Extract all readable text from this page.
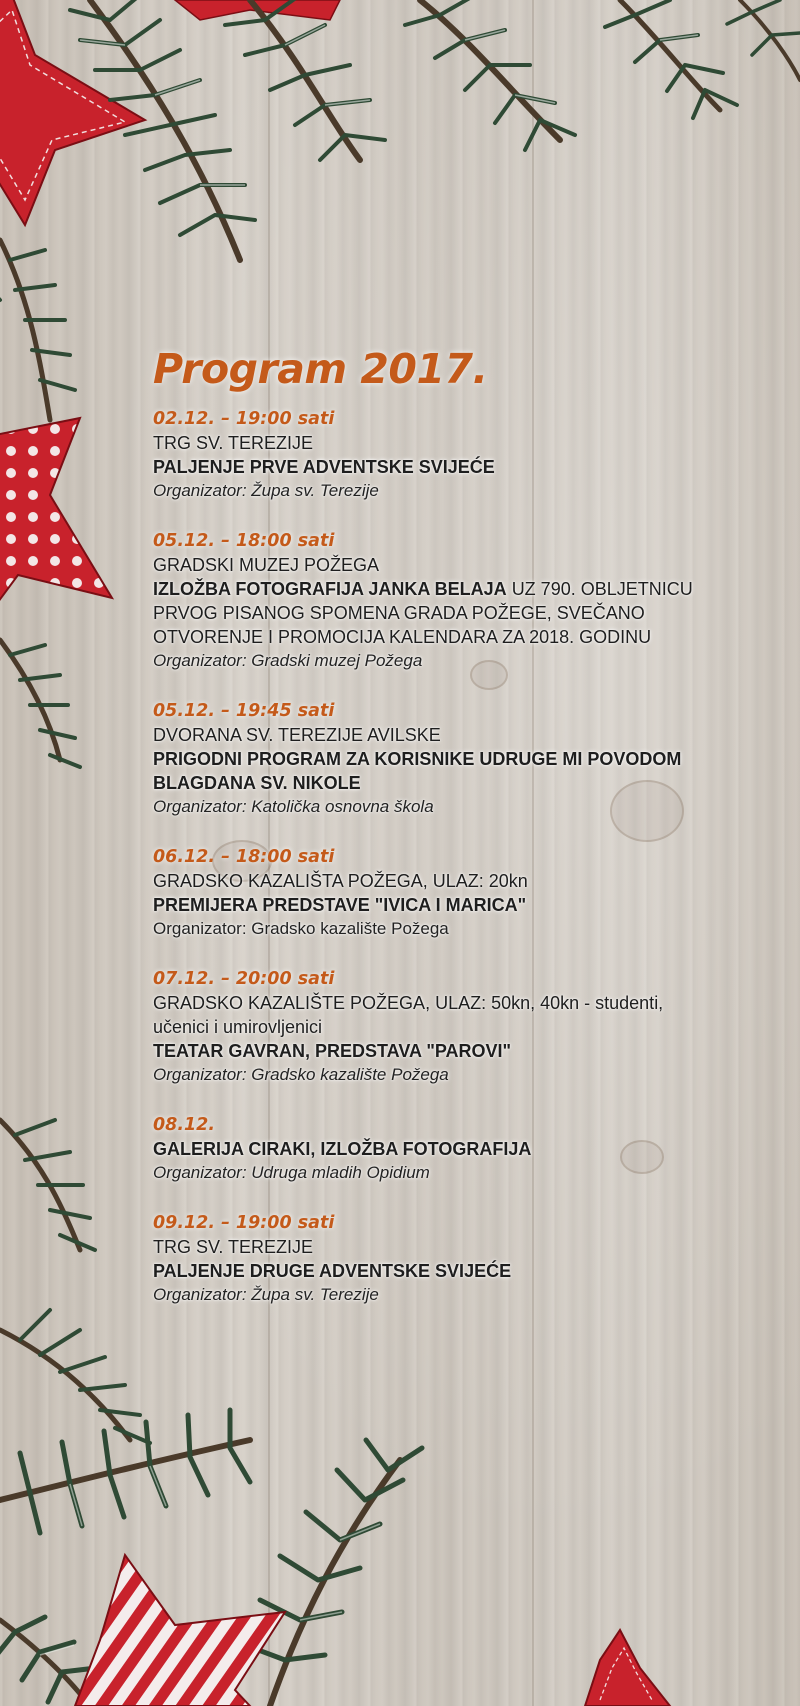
Program 2017.
02.12. – 19:00 sati
TRG SV. TEREZIJE
PALJENJE PRVE ADVENTSKE SVIJEĆE
Organizator: Župa sv. Terezije
05.12. – 18:00 sati
GRADSKI MUZEJ POŽEGA
IZLOŽBA FOTOGRAFIJA JANKA BELAJA UZ 790. OBLJETNICU
PRVOG PISANOG SPOMENA GRADA POŽEGE, SVEČANO
OTVORENJE I PROMOCIJA KALENDARA ZA 2018. GODINU
Organizator: Gradski muzej Požega
05.12. – 19:45 sati
DVORANA SV. TEREZIJE AVILSKE
PRIGODNI PROGRAM ZA KORISNIKE UDRUGE MI POVODOM
BLAGDANA SV. NIKOLE
Organizator: Katolička osnovna škola
06.12. – 18:00 sati
GRADSKO KAZALIŠTA POŽEGA, ULAZ: 20kn
PREMIJERA PREDSTAVE "IVICA I MARICA"
Organizator: Gradsko kazalište Požega
07.12. – 20:00 sati
GRADSKO KAZALIŠTE POŽEGA, ULAZ: 50kn, 40kn - studenti,
učenici i umirovljenici
TEATAR GAVRAN, PREDSTAVA "PAROVI"
Organizator: Gradsko kazalište Požega
08.12.
GALERIJA CIRAKI, IZLOŽBA FOTOGRAFIJA
Organizator: Udruga mladih Opidium
09.12. – 19:00 sati
TRG SV. TEREZIJE
PALJENJE DRUGE ADVENTSKE SVIJEĆE
Organizator: Župa sv. Terezije
